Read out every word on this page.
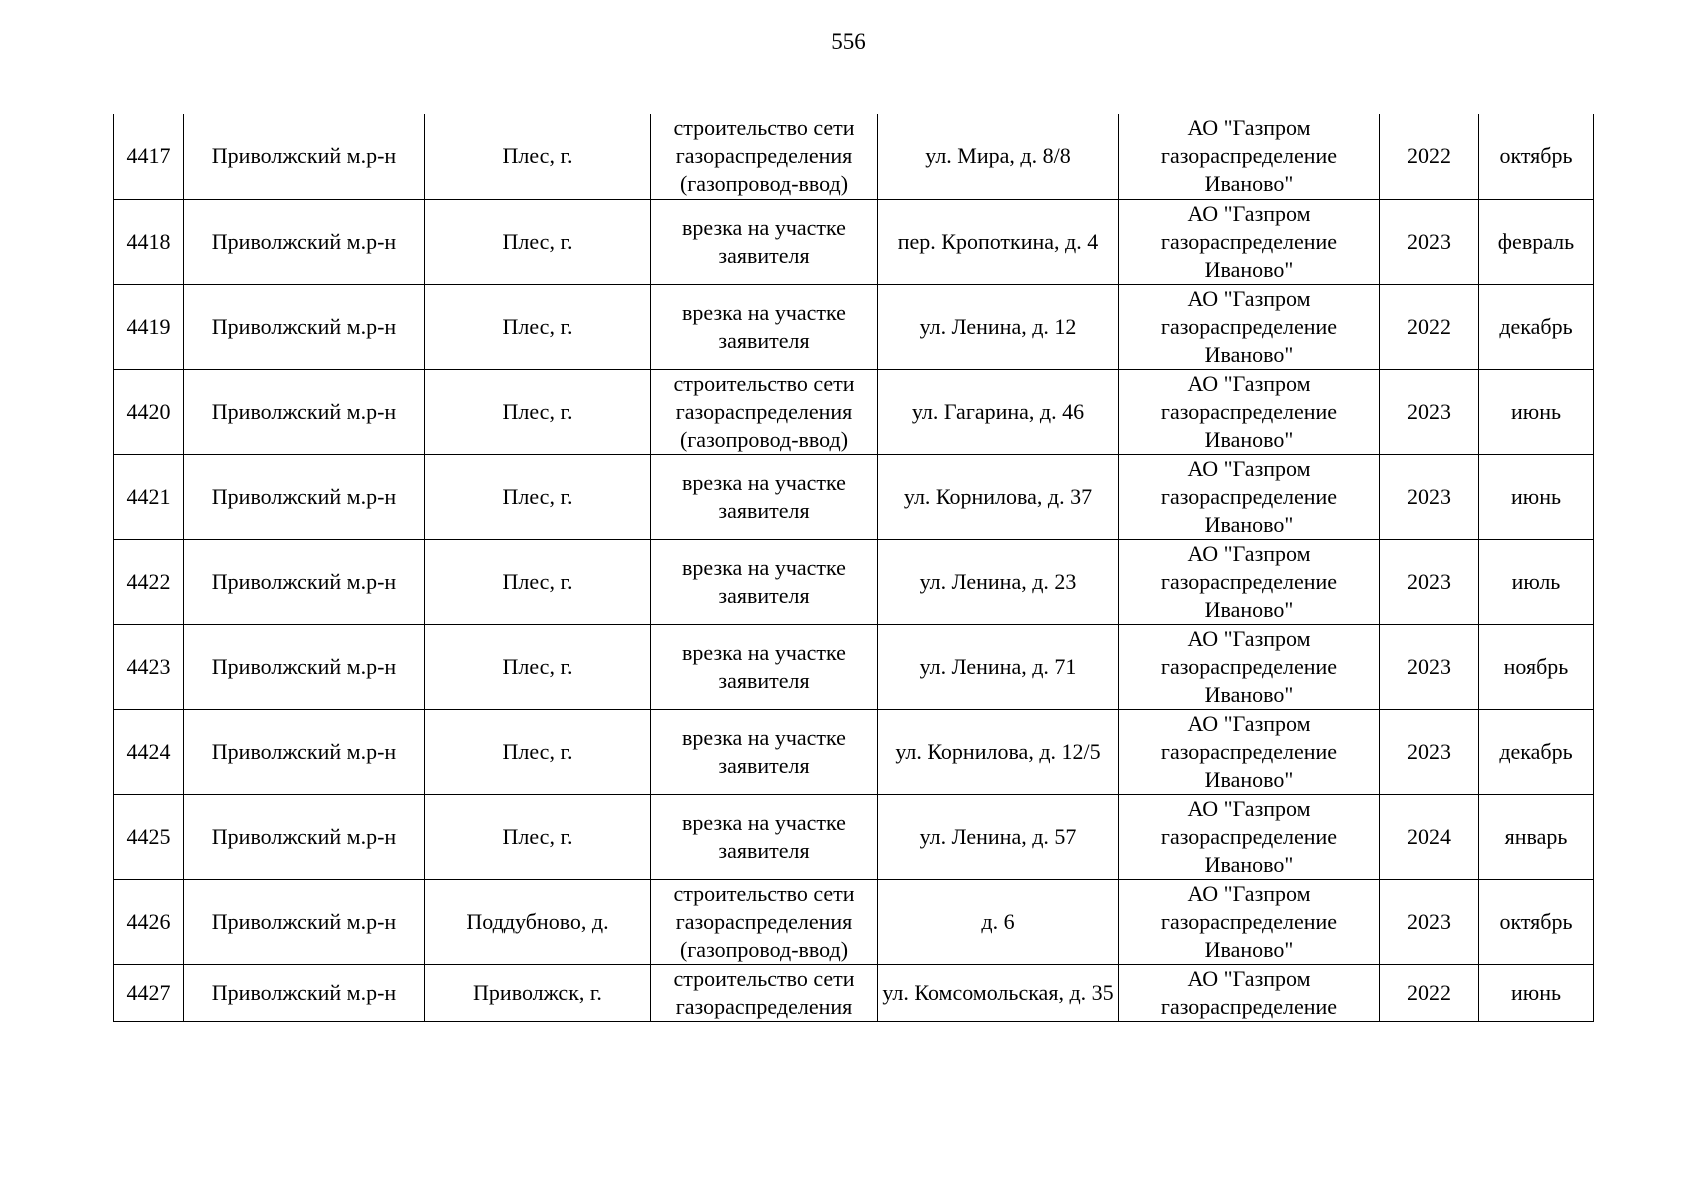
556
4417	Приволжский м.р-н	Плес, г.	строительство сети газораспределения (газопровод-ввод)	ул. Мира, д. 8/8	АО "Газпром газораспределение Иваново"	2022	октябрь
4418	Приволжский м.р-н	Плес, г.	врезка на участке заявителя	пер. Кропоткина, д. 4	АО "Газпром газораспределение Иваново"	2023	февраль
4419	Приволжский м.р-н	Плес, г.	врезка на участке заявителя	ул. Ленина, д. 12	АО "Газпром газораспределение Иваново"	2022	декабрь
4420	Приволжский м.р-н	Плес, г.	строительство сети газораспределения (газопровод-ввод)	ул. Гагарина, д. 46	АО "Газпром газораспределение Иваново"	2023	июнь
4421	Приволжский м.р-н	Плес, г.	врезка на участке заявителя	ул. Корнилова, д. 37	АО "Газпром газораспределение Иваново"	2023	июнь
4422	Приволжский м.р-н	Плес, г.	врезка на участке заявителя	ул. Ленина, д. 23	АО "Газпром газораспределение Иваново"	2023	июль
4423	Приволжский м.р-н	Плес, г.	врезка на участке заявителя	ул. Ленина, д. 71	АО "Газпром газораспределение Иваново"	2023	ноябрь
4424	Приволжский м.р-н	Плес, г.	врезка на участке заявителя	ул. Корнилова, д. 12/5	АО "Газпром газораспределение Иваново"	2023	декабрь
4425	Приволжский м.р-н	Плес, г.	врезка на участке заявителя	ул. Ленина, д. 57	АО "Газпром газораспределение Иваново"	2024	январь
4426	Приволжский м.р-н	Поддубново, д.	строительство сети газораспределения (газопровод-ввод)	д. 6	АО "Газпром газораспределение Иваново"	2023	октябрь
4427	Приволжский м.р-н	Приволжск, г.	строительство сети газораспределения	ул. Комсомольская, д. 35	АО "Газпром газораспределение	2022	июнь
